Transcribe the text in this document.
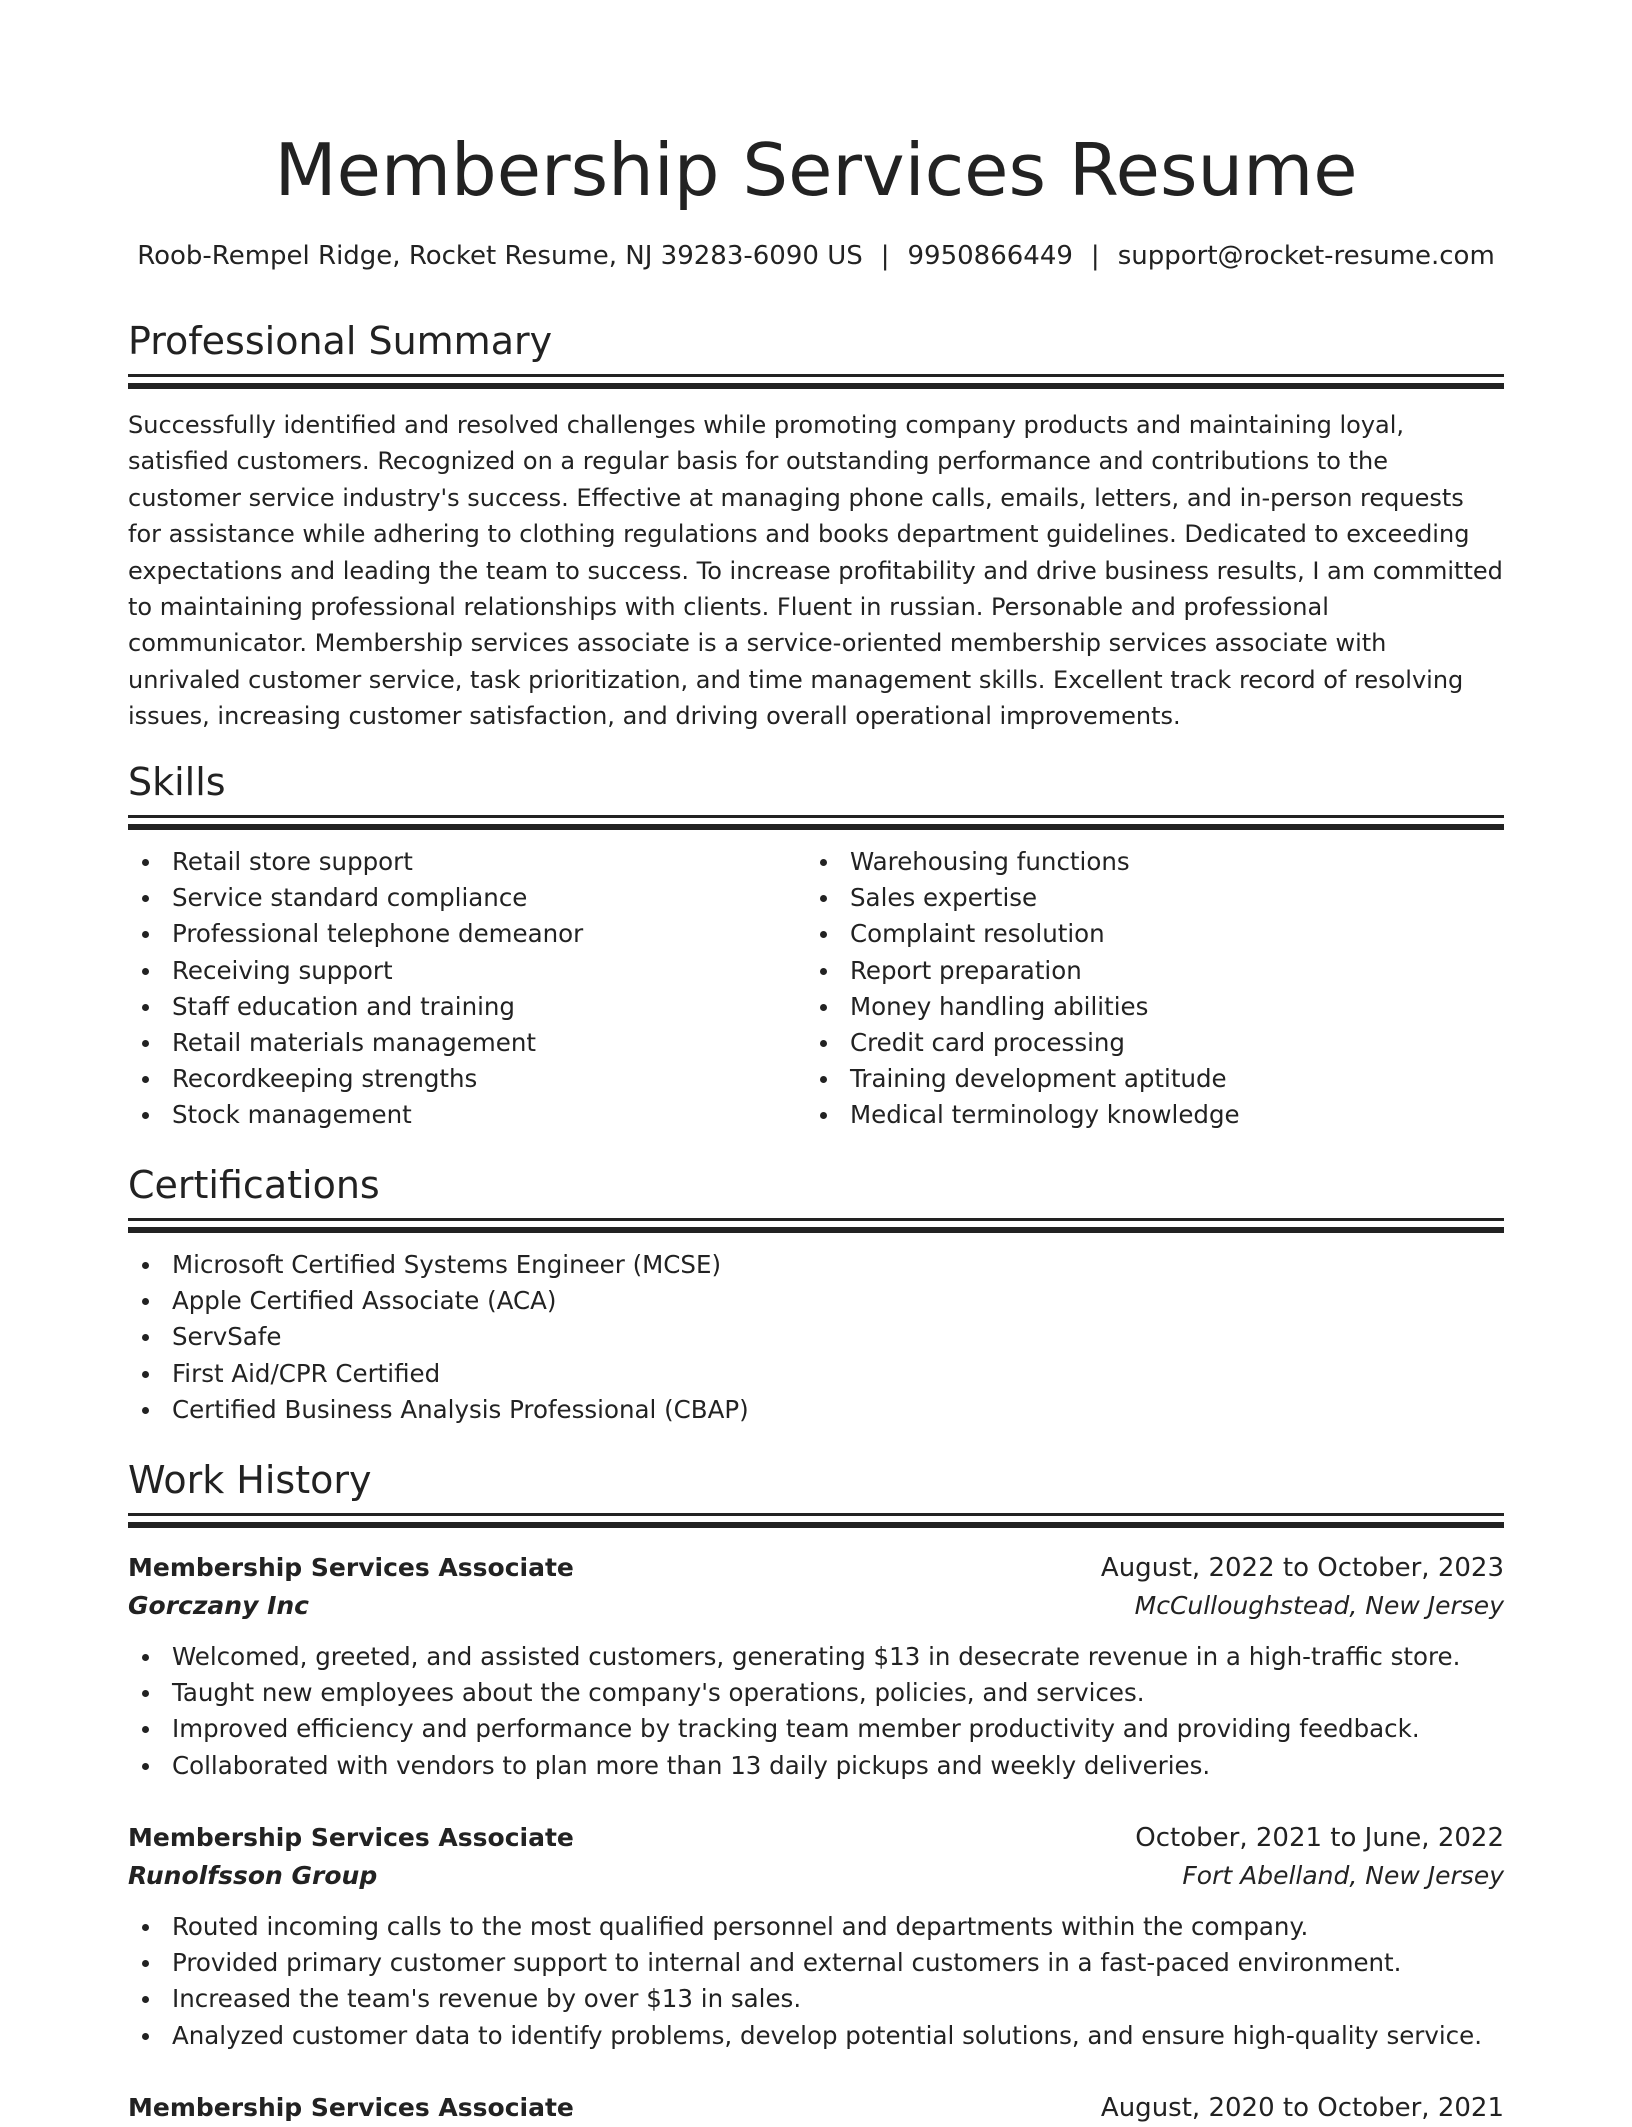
Membership Services Resume
Roob-Rempel Ridge, Rocket Resume, NJ 39283-6090 US | 9950866449 | support@rocket-resume.com
Professional Summary

Successfully identified and resolved challenges while promoting company products and maintaining loyal, satisfied customers. Recognized on a regular basis for outstanding performance and contributions to the customer service industry's success. Effective at managing phone calls, emails, letters, and in-person requests for assistance while adhering to clothing regulations and books department guidelines. Dedicated to exceeding expectations and leading the team to success. To increase profitability and drive business results, I am committed to maintaining professional relationships with clients. Fluent in russian. Personable and professional communicator. Membership services associate is a service-oriented membership services associate with unrivaled customer service, task prioritization, and time management skills. Excellent track record of resolving issues, increasing customer satisfaction, and driving overall operational improvements.

Skills
Retail store support
Service standard compliance
Professional telephone demeanor
Receiving support
Staff education and training
Retail materials management
Recordkeeping strengths
Stock management
Warehousing functions
Sales expertise
Complaint resolution
Report preparation
Money handling abilities
Credit card processing
Training development aptitude
Medical terminology knowledge
Certifications
Microsoft Certified Systems Engineer (MCSE)
Apple Certified Associate (ACA)
ServSafe
First Aid/CPR Certified
Certified Business Analysis Professional (CBAP)
Work History
Membership Services Associate	August, 2022 to October, 2023
Gorczany Inc	McCulloughstead, New Jersey
Welcomed, greeted, and assisted customers, generating $13 in desecrate revenue in a high-traffic store.
Taught new employees about the company's operations, policies, and services.
Improved efficiency and performance by tracking team member productivity and providing feedback.
Collaborated with vendors to plan more than 13 daily pickups and weekly deliveries.
Membership Services Associate	October, 2021 to June, 2022
Runolfsson Group	Fort Abelland, New Jersey
Routed incoming calls to the most qualified personnel and departments within the company.
Provided primary customer support to internal and external customers in a fast-paced environment.
Increased the team's revenue by over $13 in sales.
Analyzed customer data to identify problems, develop potential solutions, and ensure high-quality service.
Membership Services Associate	August, 2020 to October, 2021
